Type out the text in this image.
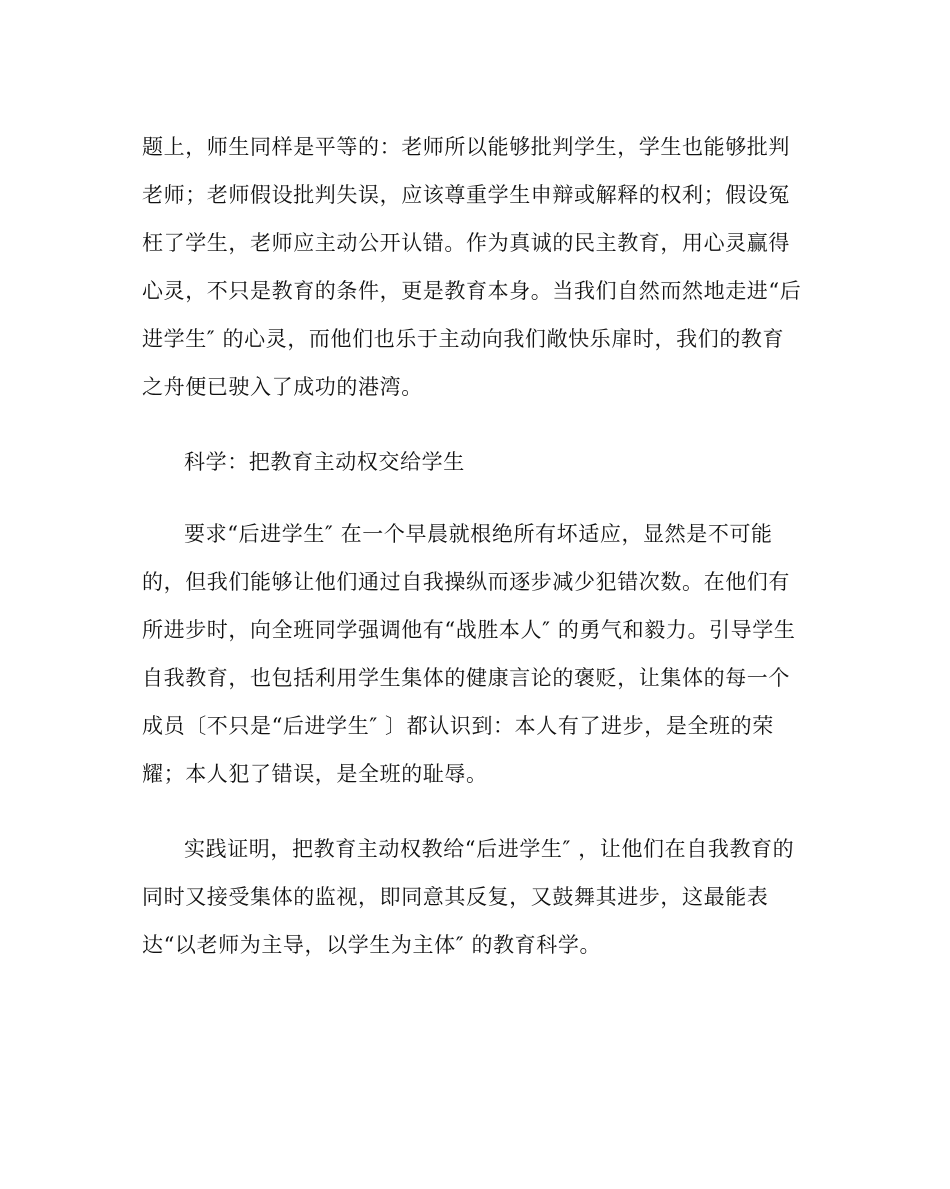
题上，师生同样是平等的：老师所以能够批判学生，学生也能够批判

老师；老师假设批判失误，应该尊重学生申辩或解释的权利；假设冤

枉了学生，老师应主动公开认错。作为真诚的民主教育，用心灵赢得

心灵，不只是教育的条件，更是教育本身。当我们自然而然地走进“后

进学生″ 的心灵，而他们也乐于主动向我们敞快乐扉时，我们的教育

之舟便已驶入了成功的港湾。

科学：把教育主动权交给学生

要求“后进学生″ 在一个早晨就根绝所有坏适应，显然是不可能

的，但我们能够让他们通过自我操纵而逐步减少犯错次数。在他们有

所进步时，向全班同学强调他有“战胜本人″ 的勇气和毅力。引导学生

自我教育，也包括利用学生集体的健康言论的褒贬，让集体的每一个

成员〔不只是“后进学生″ 〕都认识到：本人有了进步，是全班的荣

耀；本人犯了错误，是全班的耻辱。

实践证明，把教育主动权教给“后进学生″ ，让他们在自我教育的

同时又接受集体的监视，即同意其反复，又鼓舞其进步，这最能表

达“以老师为主导，以学生为主体″ 的教育科学。
